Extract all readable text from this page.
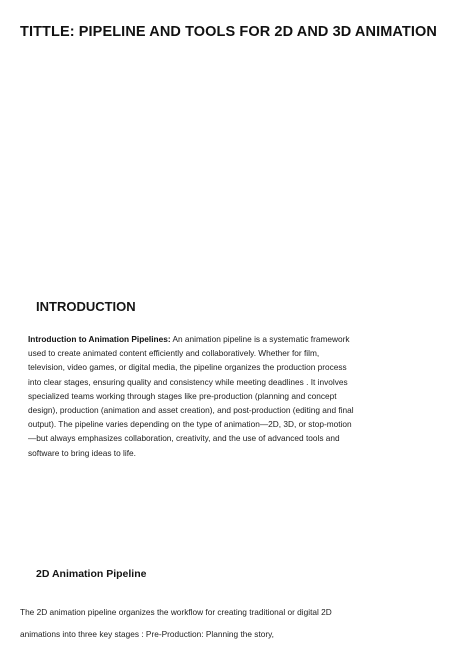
TITTLE: PIPELINE AND TOOLS FOR 2D AND 3D ANIMATION
INTRODUCTION

Introduction to Animation Pipelines: An animation pipeline is a systematic framework used to create animated content efficiently and collaboratively. Whether for film, television, video games, or digital media, the pipeline organizes the production process into clear stages, ensuring quality and consistency while meeting deadlines . It involves specialized teams working through stages like pre-production (planning and concept design), production (animation and asset creation), and post-production (editing and final output). The pipeline varies depending on the type of animation—2D, 3D, or stop-motion—but always emphasizes collaboration, creativity, and the use of advanced tools and software to bring ideas to life.

2D Animation Pipeline

The 2D animation pipeline organizes the workflow for creating traditional or digital 2D animations into three key stages : Pre-Production: Planning the story,
